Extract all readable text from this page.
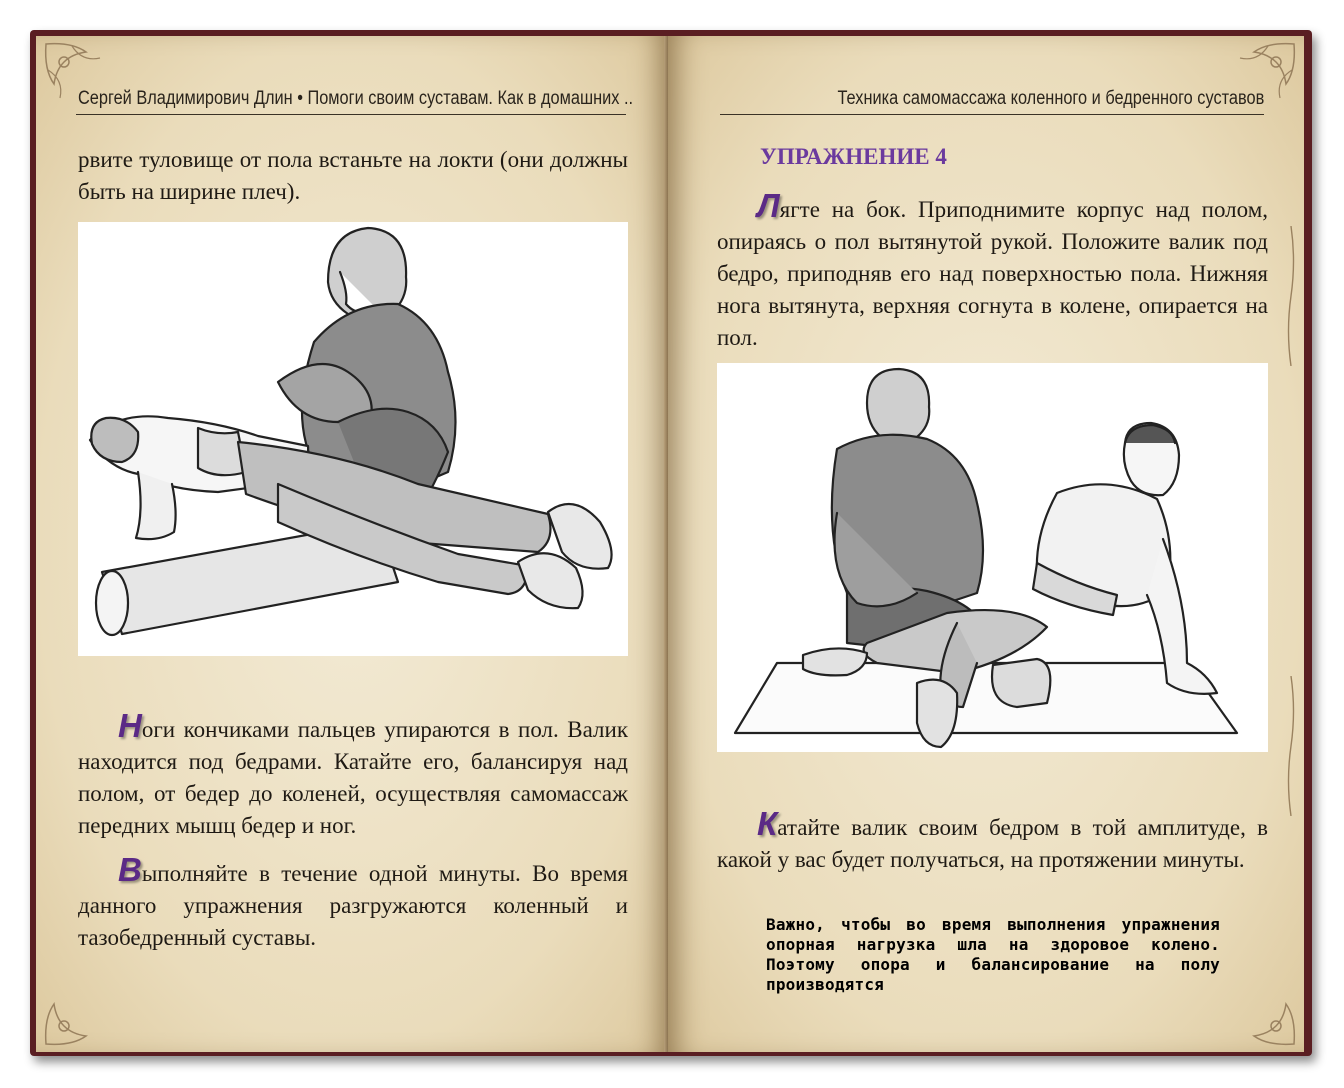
Сергей Владимирович Длин • Помоги своим суставам. Как в домашних ..

рвите туловище от пола встаньте на локти (они должны быть на ширине плеч).

Ноги кончиками пальцев упираются в пол. Валик находится под бедрами. Катайте его, балансируя над полом, от бедер до коленей, осуществляя самомассаж передних мышц бедер и ног.

Выполняйте в течение одной минуты. Во время данного упражнения разгружаются коленный и тазобедренный суставы.

Техника самомассажа коленного и бедренного суставов
УПРАЖНЕНИЕ 4

Лягте на бок. Приподнимите корпус над полом, опираясь о пол вытянутой рукой. Положите валик под бедро, приподняв его над поверхностью пола. Нижняя нога вытянута, верхняя согнута в колене, опирается на пол.

Катайте валик своим бедром в той амплитуде, в какой у вас будет получаться, на протяжении минуты.

Важно, чтобы во время выполнения упражнения опорная нагрузка шла на здоровое колено. Поэтому опора и балансирование на полу производятся
